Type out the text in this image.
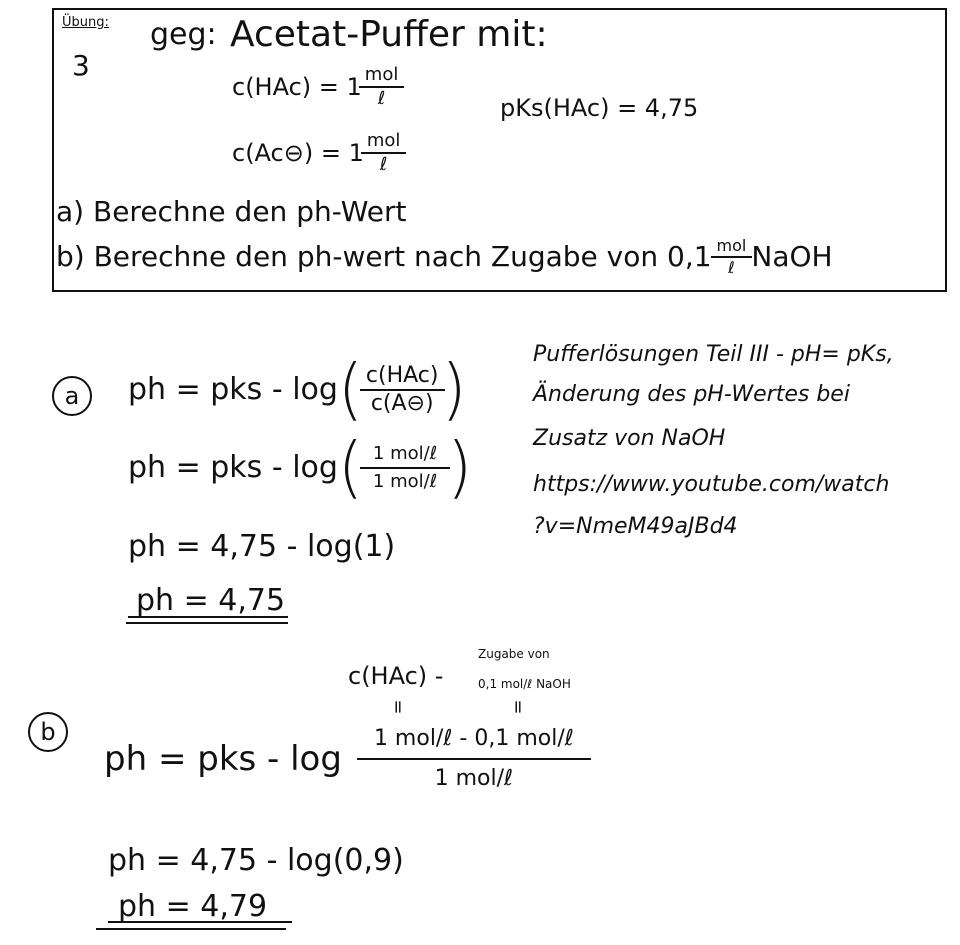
Übung:
3
geg: Acetat-Puffer mit:
$c(HAc) = 1 \frac{\text{mol}}{\text{ℓ}}$
c(Ac⊖) = $1 \frac{\text{mol}}{\text{ℓ}}$
pKs(HAc) = 4,75
a) Berechne den ph-Wert
b) Berechne den ph-wert nach Zugabe von $0,1 \frac{\text{mol}}{\text{ℓ}}$ NaOH
Pufferlösungen Teil III - pH= pKs,
Änderung des pH-Wertes bei
Zusatz von NaOH
https://www.youtube.com/watch
?v=NmeM49aJBd4
a ph = pks - log ( $\frac{\text{c(HAc)}}{c(A⊖)}$ )
ph = pks - log ( $\frac{\text{1 mol/ℓ}}{\text{1 mol/ℓ}}$ )
ph = 4,75 - log(1)
ph = 4,75
c(HAc) -
Zugabe von
0,1 mol/ℓ NaOH
=	=
b
ph = pks - $\log \frac{\text{1 mol/ℓ - 0,1 mol/ℓ}}{\text{1 mol/ℓ}}$
ph = 4,75 - log(0,9)
ph = 4,79
